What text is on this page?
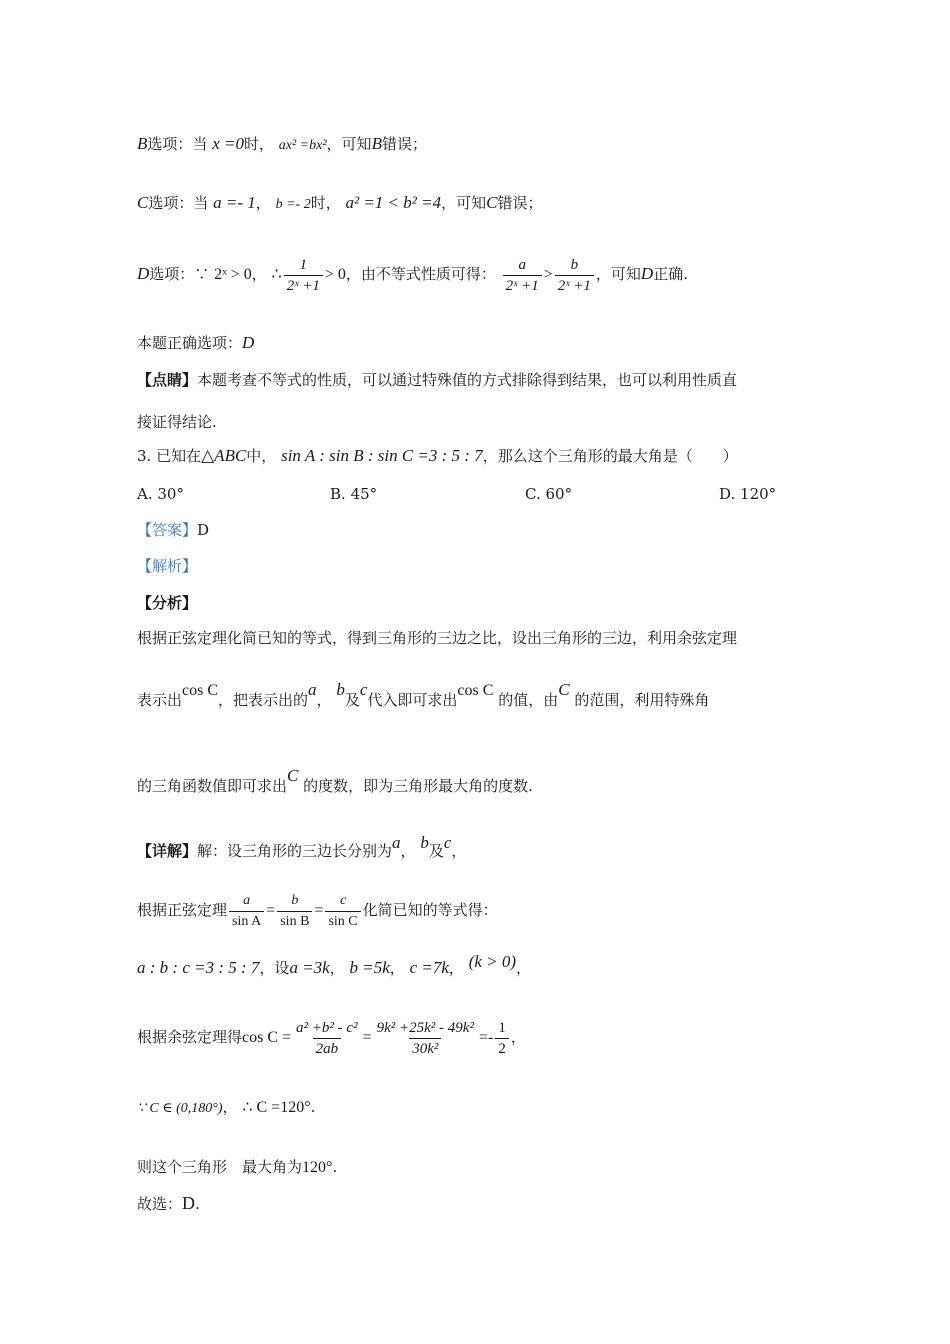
B选项：当 x =0时， ax² =bx²，可知B错误；
C选项：当 a =- 1， b =- 2时， a² =1 < b² =4，可知C错误；
D选项：∵ 2ˣ > 0， ∴ $\frac{1}{\text{2ˣ +1}} > 0$，由不等式性质可得： $\frac{a}{\text{2ˣ +1}} > \frac{b}{\text{2ˣ +1}}$ ，可知D正确.
本题正确选项：D
【点睛】本题考查不等式的性质，可以通过特殊值的方式排除得到结果，也可以利用性质直
接证得结论.
3. 已知在△ABC中， sin A : sin B : sin C =3 : 5 : 7，那么这个三角形的最大角是（　　）
A. 30°	B. 45°	C. 60°	D. 120°
【答案】D
【解析】
【分析】
根据正弦定理化简已知的等式，得到三角形的三边之比，设出三角形的三边，利用余弦定理
表示出cos C，把表示出的a， b及c代入即可求出cos C 的值，由C 的范围，利用特殊角
的三角函数值即可求出C 的度数，即为三角形最大角的度数.
【详解】解：设三角形的三边长分别为a， b及c，
根据正弦定理 $\frac{a}{\text{sin A}} = \frac{b}{\text{sin B}} = \frac{c}{\text{sin C}}$ 化简已知的等式得：
a : b : c =3 : 5 : 7，设a =3k， b =5k， c =7k， (k > 0)，
根据余弦定理得$\cos C = \frac{\text{a² +b² - c²}}{2ab} = \frac{\text{9k² +25k² - 49k²}}{\text{30k²}} =- \frac{1}{2}$ ，
∵ C ∈ (0,180°)， ∴ C =120°.
则这个三角形　 最大角为120°.
故选：D.
